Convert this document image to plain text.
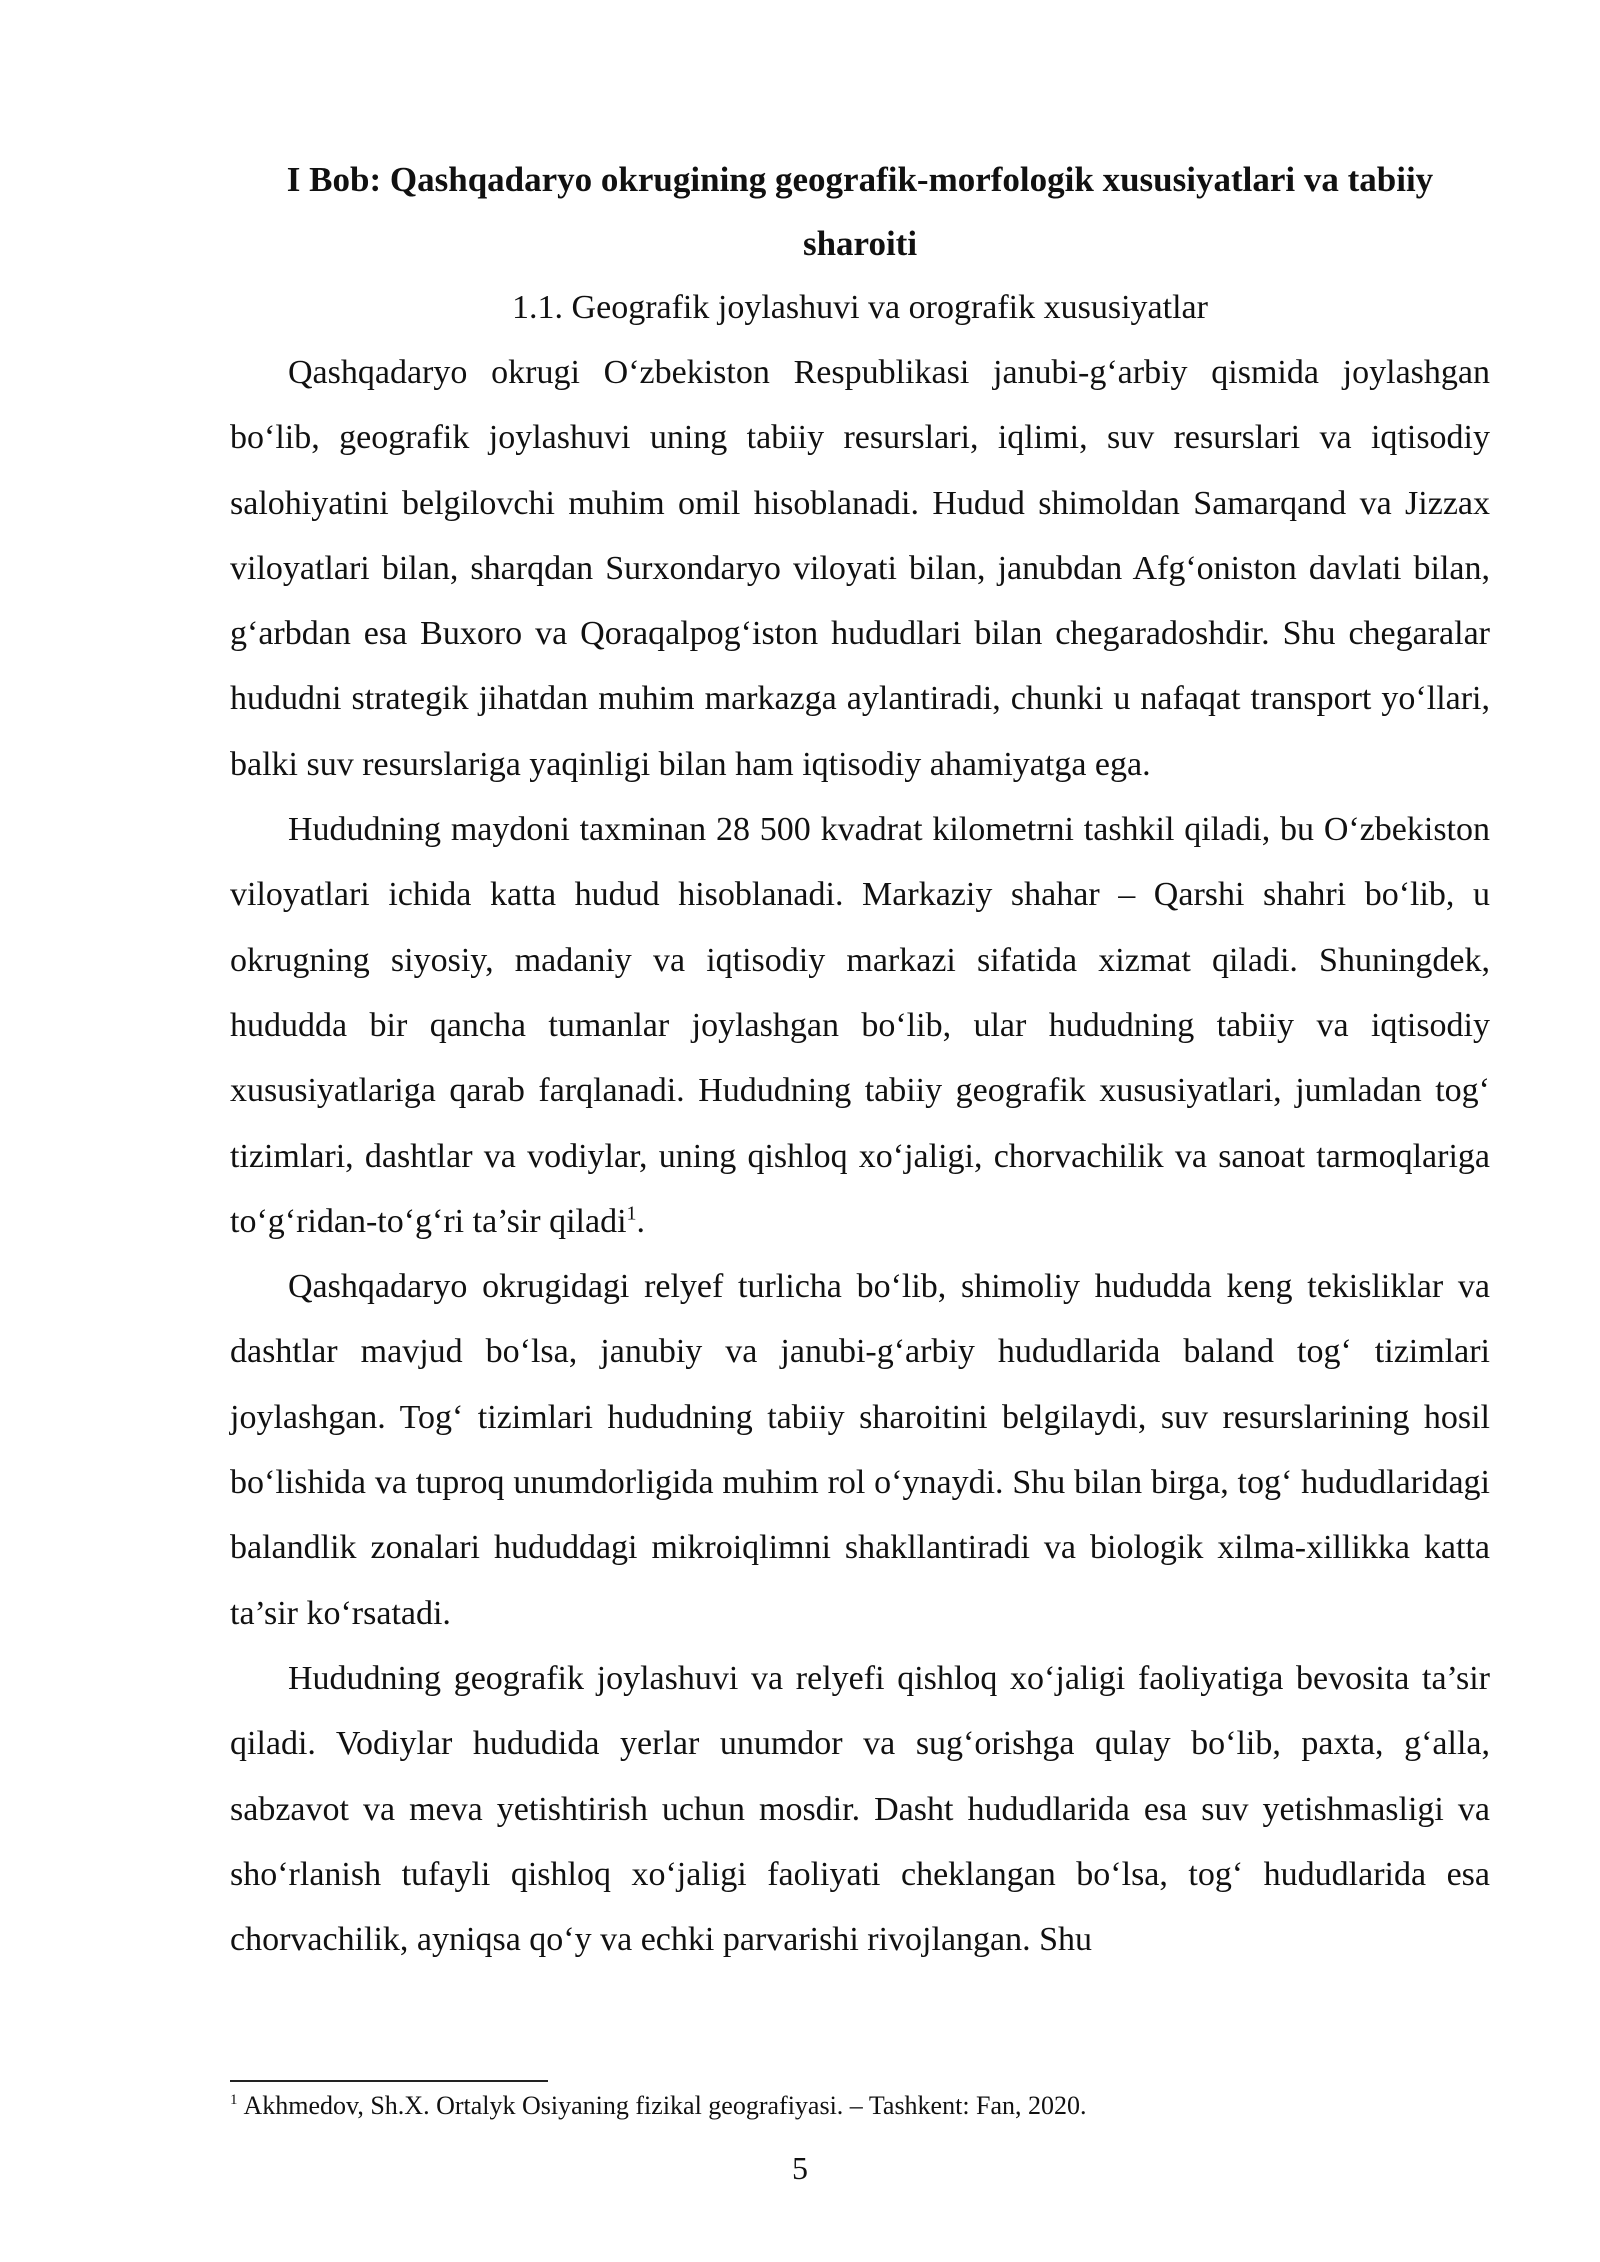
I Bob: Qashqadaryo okrugining geografik-morfologik xususiyatlari va tabiiy sharoiti
1.1. Geografik joylashuvi va orografik xususiyatlar

Qashqadaryo okrugi O‘zbekiston Respublikasi janubi-g‘arbiy qismida joylashgan bo‘lib, geografik joylashuvi uning tabiiy resurslari, iqlimi, suv resurslari va iqtisodiy salohiyatini belgilovchi muhim omil hisoblanadi. Hudud shimoldan Samarqand va Jizzax viloyatlari bilan, sharqdan Surxondaryo viloyati bilan, janubdan Afg‘oniston davlati bilan, g‘arbdan esa Buxoro va Qoraqalpog‘iston hududlari bilan chegaradoshdir. Shu chegaralar hududni strategik jihatdan muhim markazga aylantiradi, chunki u nafaqat transport yo‘llari, balki suv resurslariga yaqinligi bilan ham iqtisodiy ahamiyatga ega.

Hududning maydoni taxminan 28 500 kvadrat kilometrni tashkil qiladi, bu O‘zbekiston viloyatlari ichida katta hudud hisoblanadi. Markaziy shahar – Qarshi shahri bo‘lib, u okrugning siyosiy, madaniy va iqtisodiy markazi sifatida xizmat qiladi. Shuningdek, hududda bir qancha tumanlar joylashgan bo‘lib, ular hududning tabiiy va iqtisodiy xususiyatlariga qarab farqlanadi. Hududning tabiiy geografik xususiyatlari, jumladan tog‘ tizimlari, dashtlar va vodiylar, uning qishloq xo‘jaligi, chorvachilik va sanoat tarmoqlariga to‘g‘ridan-to‘g‘ri ta’sir qiladi$^1$.

Qashqadaryo okrugidagi relyef turlicha bo‘lib, shimoliy hududda keng tekisliklar va dashtlar mavjud bo‘lsa, janubiy va janubi-g‘arbiy hududlarida baland tog‘ tizimlari joylashgan. Tog‘ tizimlari hududning tabiiy sharoitini belgilaydi, suv resurslarining hosil bo‘lishida va tuproq unumdorligida muhim rol o‘ynaydi. Shu bilan birga, tog‘ hududlaridagi balandlik zonalari hududdagi mikroiqlimni shakllantiradi va biologik xilma-xillikka katta ta’sir ko‘rsatadi.

Hududning geografik joylashuvi va relyefi qishloq xo‘jaligi faoliyatiga bevosita ta’sir qiladi. Vodiylar hududida yerlar unumdor va sug‘orishga qulay bo‘lib, paxta, g‘alla, sabzavot va meva yetishtirish uchun mosdir. Dasht hududlarida esa suv yetishmasligi va sho‘rlanish tufayli qishloq xo‘jaligi faoliyati cheklangan bo‘lsa, tog‘ hududlarida esa chorvachilik, ayniqsa qo‘y va echki parvarishi rivojlangan. Shu

$^1$ Akhmedov, Sh.X. Ortalyk Osiyaning fizikal geografiyasi. – Tashkent: Fan, 2020.
5
